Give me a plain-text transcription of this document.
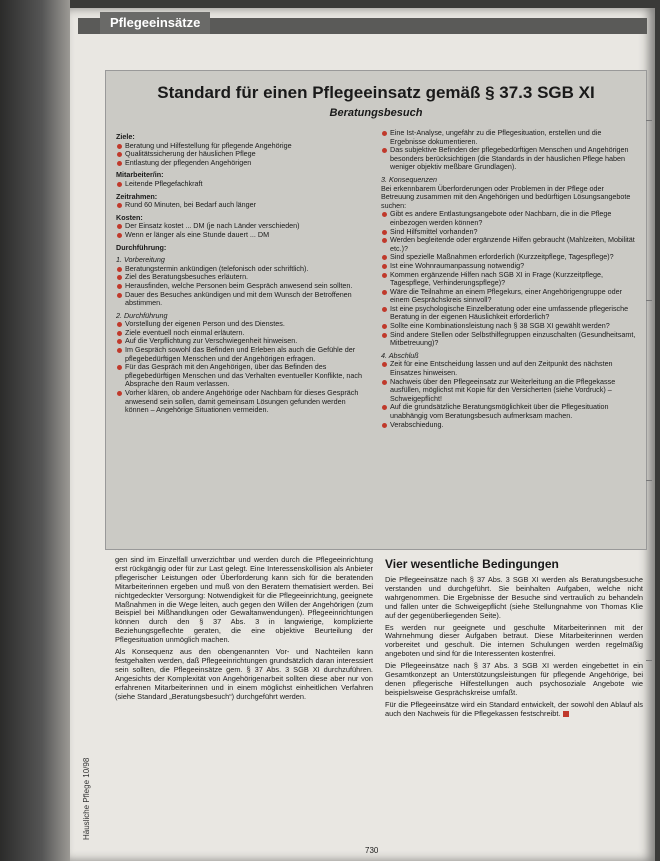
Pflegeeinsätze
Standard für einen Pflegeeinsatz gemäß § 37.3 SGB XI
Beratungsbesuch
Ziele:
Beratung und Hilfestellung für pflegende Angehörige
Qualitätssicherung der häuslichen Pflege
Entlastung der pflegenden Angehörigen
Mitarbeiter/in:
Leitende Pflegefachkraft
Zeitrahmen:
Rund 60 Minuten, bei Bedarf auch länger
Kosten:
Der Einsatz kostet ... DM (je nach Länder verschieden)
Wenn er länger als eine Stunde dauert ... DM
Durchführung:
1. Vorbereitung
Beratungstermin ankündigen (telefonisch oder schriftlich).
Ziel des Beratungsbesuches erläutern.
Herausfinden, welche Personen beim Gespräch anwesend sein sollten.
Dauer des Besuches ankündigen und mit dem Wunsch der Betroffenen abstimmen.
2. Durchführung
Vorstellung der eigenen Person und des Dienstes.
Ziele eventuell noch einmal erläutern.
Auf die Verpflichtung zur Verschwiegenheit hinweisen.
Im Gespräch sowohl das Befinden und Erleben als auch die Gefühle der pflegebedürftigen Menschen und der Angehörigen erfragen.
Für das Gespräch mit den Angehörigen, über das Befinden des pflegebedürftigen Menschen und das Verhalten eventueller Konflikte, nach Absprache den Raum verlassen.
Vorher klären, ob andere Angehörige oder Nachbarn für dieses Gespräch anwesend sein sollen, damit gemeinsam Lösungen gefunden werden können – Angehörige Situationen vermeiden.
Eine Ist-Analyse, ungefähr zu die Pflegesituation, erstellen und die Ergebnisse dokumentieren.
Das subjektive Befinden der pflegebedürftigen Menschen und Angehörigen besonders berücksichtigen (die Standards in der häuslichen Pflege haben weniger objektiv meßbare Grundlagen).
3. Konsequenzen
Bei erkennbarem Überforderungen oder Problemen in der Pflege oder Betreuung zusammen mit den Angehörigen und bedürftigen Lösungsangebote suchen:
Gibt es andere Entlastungsangebote oder Nachbarn, die in die Pflege einbezogen werden können?
Sind Hilfsmittel vorhanden?
Werden begleitende oder ergänzende Hilfen gebraucht (Mahlzeiten, Mobilität etc.)?
Sind spezielle Maßnahmen erforderlich (Kurzzeitpflege, Tagespflege)?
Ist eine Wohnraumanpassung notwendig?
Kommen ergänzende Hilfen nach SGB XI in Frage (Kurzzeitpflege, Tagespflege, Verhinderungspflege)?
Wäre die Teilnahme an einem Pflegekurs, einer Angehörigengruppe oder einem Gesprächskreis sinnvoll?
Ist eine psychologische Einzelberatung oder eine umfassende pflegerische Beratung in der eigenen Häuslichkeit erforderlich?
Sollte eine Kombinationsleistung nach § 38 SGB XI gewählt werden?
Sind andere Stellen oder Selbsthilfegruppen einzuschalten (Gesundheitsamt, Mitbetreuung)?
4. Abschluß
Zeit für eine Entscheidung lassen und auf den Zeitpunkt des nächsten Einsatzes hinweisen.
Nachweis über den Pflegeeinsatz zur Weiterleitung an die Pflegekasse ausfüllen, möglichst mit Kopie für den Versicherten (siehe Vordruck) – Schweigepflicht!
Auf die grundsätzliche Beratungsmöglichkeit über die Pflegesituation unabhängig vom Beratungsbesuch aufmerksam machen.
Verabschiedung.
gen sind im Einzelfall unverzichtbar und werden durch die Pflegeeinrichtung erst rückgängig oder für zur Last gelegt. Eine Interessenskollision als Anbieter pflegerischer Leistungen oder Überforderung kann sich für die beratenden Mitarbeiterinnen ergeben und muß von den Beratern thematisiert werden. Bei nichtgedeckter Versorgung: Notwendigkeit für die Pflegeeinrichtung, geeignete Maßnahmen in die Wege leiten, auch gegen den Willen der Angehörigen (zum Beispiel bei Mißhandlungen oder Gewaltanwendungen). Pflegeeinrichtungen können durch den § 37 Abs. 3 in langwierige, komplizierte Beziehungsgeflechte geraten, die eine objektive Beurteilung der Pflegesituation unmöglich machen.
Als Konsequenz aus den obengenannten Vor- und Nachteilen kann festgehalten werden, daß Pflegeeinrichtungen grundsätzlich daran interessiert sein sollten, die Pflegeeinsätze gem. § 37 Abs. 3 SGB XI durchzuführen. Angesichts der Komplexität von Angehörigenarbeit sollten diese aber nur von erfahrenen Mitarbeiterinnen und in einem möglichst einheitlichen Verfahren (siehe Standard „Beratungsbesuch“) durchgeführt werden.
Vier wesentliche Bedingungen
Die Pflegeeinsätze nach § 37 Abs. 3 SGB XI werden als Beratungsbesuche verstanden und durchgeführt. Sie beinhalten Aufgaben, welche nicht wahrgenommen. Die Ergebnisse der Besuche sind vertraulich zu behandeln und fallen unter die Schweigepflicht (siehe Stellungnahme von Thomas Klie auf der gegenüberliegenden Seite).
Es werden nur geeignete und geschulte Mitarbeiterinnen mit der Wahrnehmung dieser Aufgaben betraut. Diese Mitarbeiterinnen werden vorbereitet und geschult. Die internen Schulungen werden regelmäßig angeboten und sind für die Interessenten kostenfrei.
Die Pflegeeinsätze nach § 37 Abs. 3 SGB XI werden eingebettet in ein Gesamtkonzept an Unterstützungsleistungen für pflegende Angehörige, bei denen pflegerische Hilfestellungen auch psychosoziale Angebote wie beispielsweise Gesprächskreise umfaßt.
Für die Pflegeeinsätze wird ein Standard entwickelt, der sowohl den Ablauf als auch den Nachweis für die Pflegekassen festschreibt.
Häusliche Pflege 10/98
730
